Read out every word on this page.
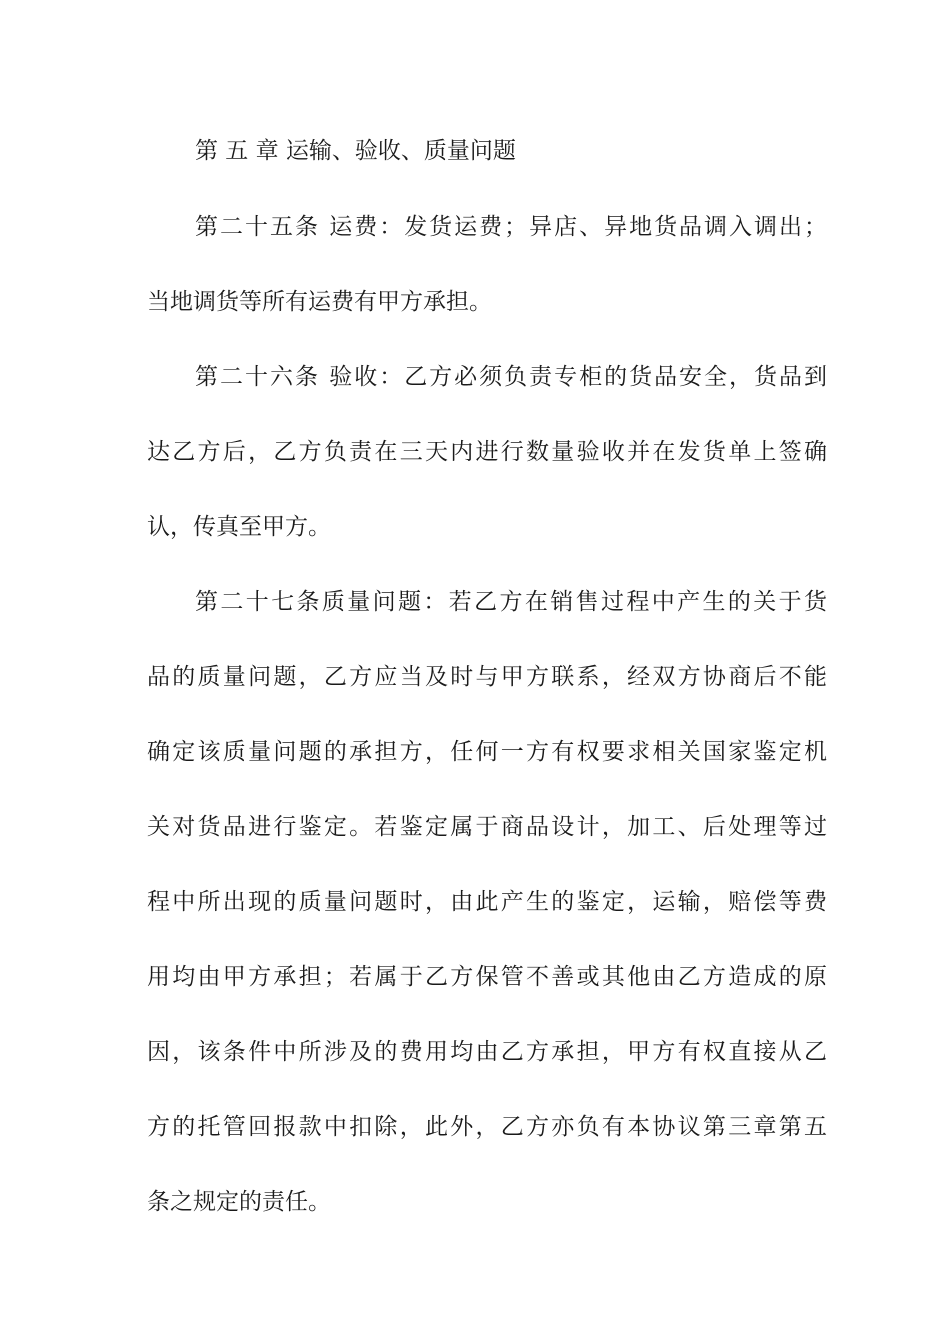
第 五 章 运输、验收、质量问题
第二十五条 运费：发货运费；异店、异地货品调入调出；
当地调货等所有运费有甲方承担。
第二十六条 验收：乙方必须负责专柜的货品安全，货品到
达乙方后，乙方负责在三天内进行数量验收并在发货单上签确
认，传真至甲方。
第二十七条质量问题：若乙方在销售过程中产生的关于货
品的质量问题，乙方应当及时与甲方联系，经双方协商后不能
确定该质量问题的承担方，任何一方有权要求相关国家鉴定机
关对货品进行鉴定。若鉴定属于商品设计，加工、后处理等过
程中所出现的质量问题时，由此产生的鉴定，运输，赔偿等费
用均由甲方承担；若属于乙方保管不善或其他由乙方造成的原
因，该条件中所涉及的费用均由乙方承担，甲方有权直接从乙
方的托管回报款中扣除，此外，乙方亦负有本协议第三章第五
条之规定的责任。
